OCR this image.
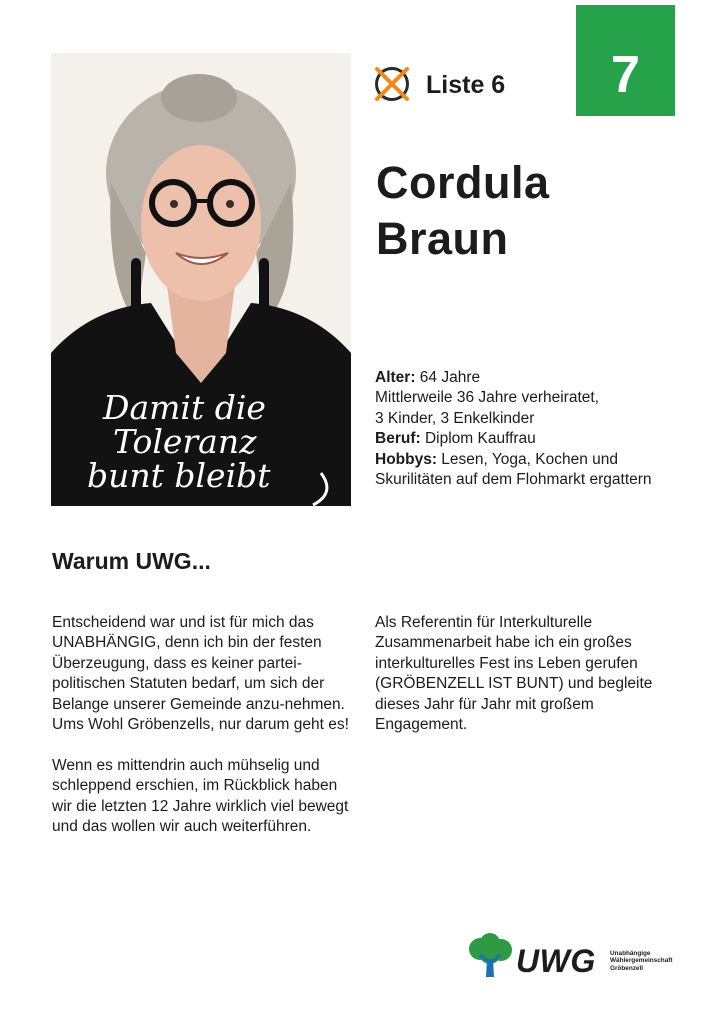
7
Damit die
Toleranz
bunt bleibt
Liste 6
Cordula
Braun
Alter: 64 Jahre
Mittlerweile 36 Jahre verheiratet,
3 Kinder, 3 Enkelkinder
Beruf: Diplom Kauffrau
Hobbys: Lesen, Yoga, Kochen und Skurilitäten auf dem Flohmarkt ergattern
Warum UWG...

Entscheidend war und ist für mich das UNABHÄNGIG, denn ich bin der festen Überzeugung, dass es keiner partei-politischen Statuten bedarf, um sich der Belange unserer Gemeinde anzu-nehmen. Ums Wohl Gröbenzells, nur darum geht es!

Wenn es mittendrin auch mühselig und schleppend erschien, im Rückblick haben wir die letzten 12 Jahre wirklich viel bewegt und das wollen wir auch weiterführen.

Als Referentin für Interkulturelle Zusammenarbeit habe ich ein großes interkulturelles Fest ins Leben gerufen (GRÖBENZELL IST BUNT) und begleite dieses Jahr für Jahr mit großem Engagement.

UWG Unabhängige
Wählergemeinschaft
Gröbenzell
